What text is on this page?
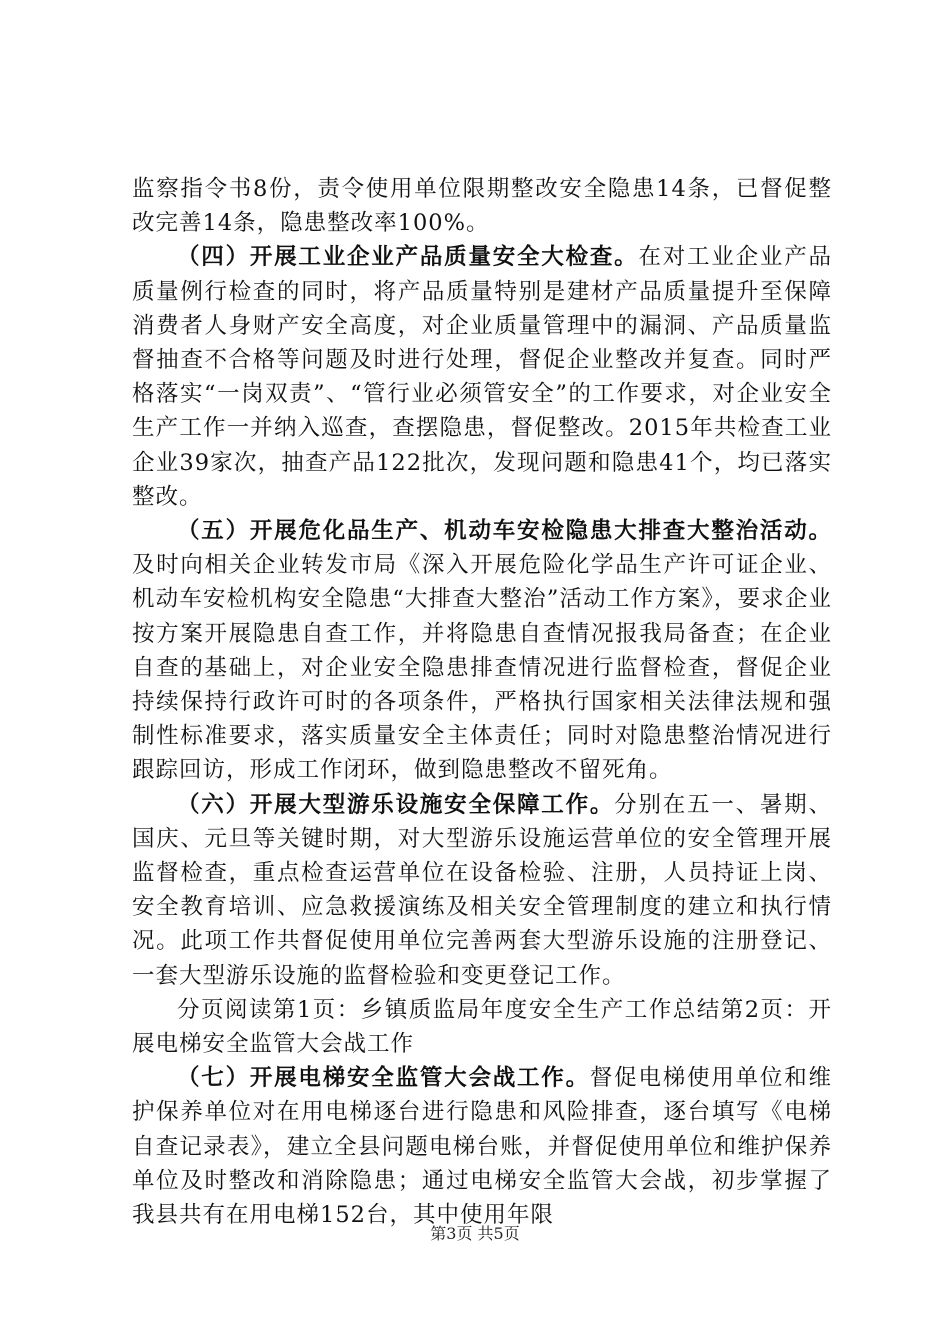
监察指令书8份，责令使用单位限期整改安全隐患14条，已督促整改完善14条，隐患整改率100%。

（四）开展工业企业产品质量安全大检查。在对工业企业产品质量例行检查的同时，将产品质量特别是建材产品质量提升至保障消费者人身财产安全高度，对企业质量管理中的漏洞、产品质量监督抽查不合格等问题及时进行处理，督促企业整改并复查。同时严格落实“一岗双责”、“管行业必须管安全”的工作要求，对企业安全生产工作一并纳入巡查，查摆隐患，督促整改。2015年共检查工业企业39家次，抽查产品122批次，发现问题和隐患41个，均已落实整改。

（五）开展危化品生产、机动车安检隐患大排查大整治活动。及时向相关企业转发市局《深入开展危险化学品生产许可证企业、机动车安检机构安全隐患“大排查大整治”活动工作方案》，要求企业按方案开展隐患自查工作，并将隐患自查情况报我局备查；在企业自查的基础上，对企业安全隐患排查情况进行监督检查，督促企业持续保持行政许可时的各项条件，严格执行国家相关法律法规和强制性标准要求，落实质量安全主体责任；同时对隐患整治情况进行跟踪回访，形成工作闭环，做到隐患整改不留死角。

（六）开展大型游乐设施安全保障工作。分别在五一、暑期、国庆、元旦等关键时期，对大型游乐设施运营单位的安全管理开展监督检查，重点检查运营单位在设备检验、注册，人员持证上岗、安全教育培训、应急救援演练及相关安全管理制度的建立和执行情况。此项工作共督促使用单位完善两套大型游乐设施的注册登记、一套大型游乐设施的监督检验和变更登记工作。

分页阅读第1页：乡镇质监局年度安全生产工作总结第2页：开展电梯安全监管大会战工作

（七）开展电梯安全监管大会战工作。督促电梯使用单位和维护保养单位对在用电梯逐台进行隐患和风险排查，逐台填写《电梯自查记录表》，建立全县问题电梯台账，并督促使用单位和维护保养单位及时整改和消除隐患；通过电梯安全监管大会战，初步掌握了我县共有在用电梯152台，其中使用年限

第3页 共5页
